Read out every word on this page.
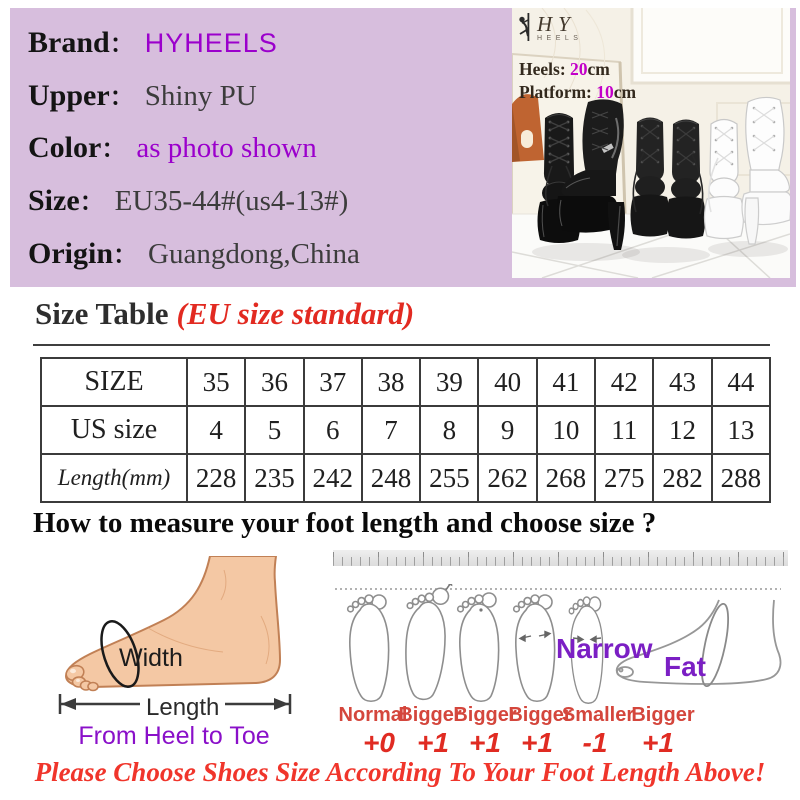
Brand ： HYHEELS
Upper ： Shiny PU
Color ： as photo shown
Size ： EU35-44#(us4-13#)
Origin ： Guangdong,China
HY
HEELS
Heels: 20cm
Platform: 10cm
Size Table (EU size standard)
SIZE	35	36	37	38	39	40	41	42	43	44
US size	4	5	6	7	8	9	10	11	12	13
Length(mm)	228	235	242	248	255	262	268	275	282	288
How to measure your foot length and choose size ?
Width
Length
From Heel to Toe
Narrow
Fat
Normal
Bigger
Bigger
Bigger
Smaller
Bigger
+0 +1 +1 +1 -1 +1
Please Choose Shoes Size According To Your Foot Length Above!
